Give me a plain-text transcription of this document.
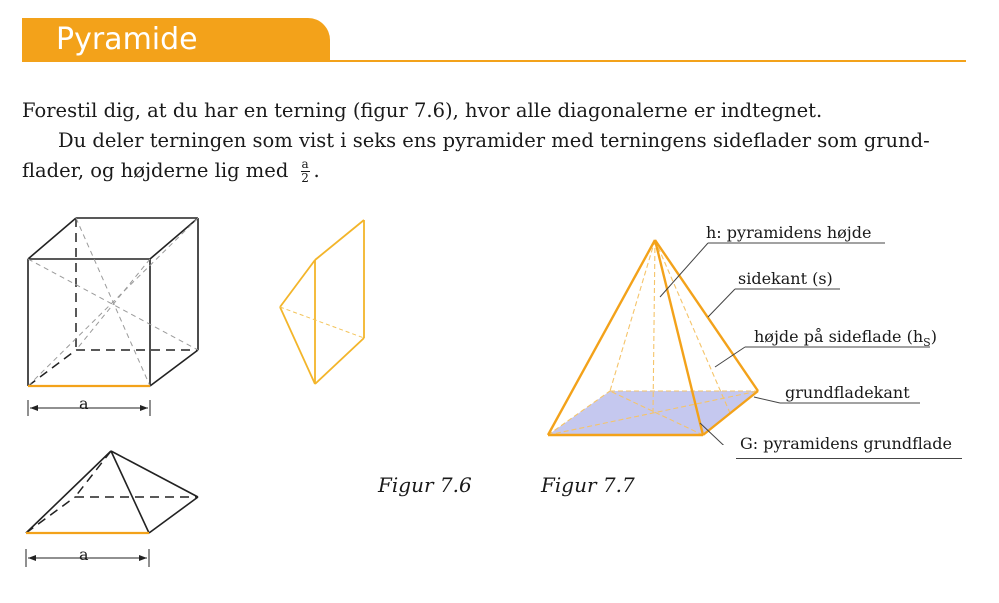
Pyramide
Forestil dig, at du har en terning (figur 7.6), hvor alle diagonalerne er indtegnet.
Du deler terningen som vist i seks ens pyramider med terningens sideflader som grund-
flader, og højderne lig med $\frac{a}{2}$ .
a
a
Figur 7.6	Figur 7.7
h: pyramidens højde
sidekant (s)
højde på sideflade $(h_S)$
grundfladekant
G: pyramidens grundflade
